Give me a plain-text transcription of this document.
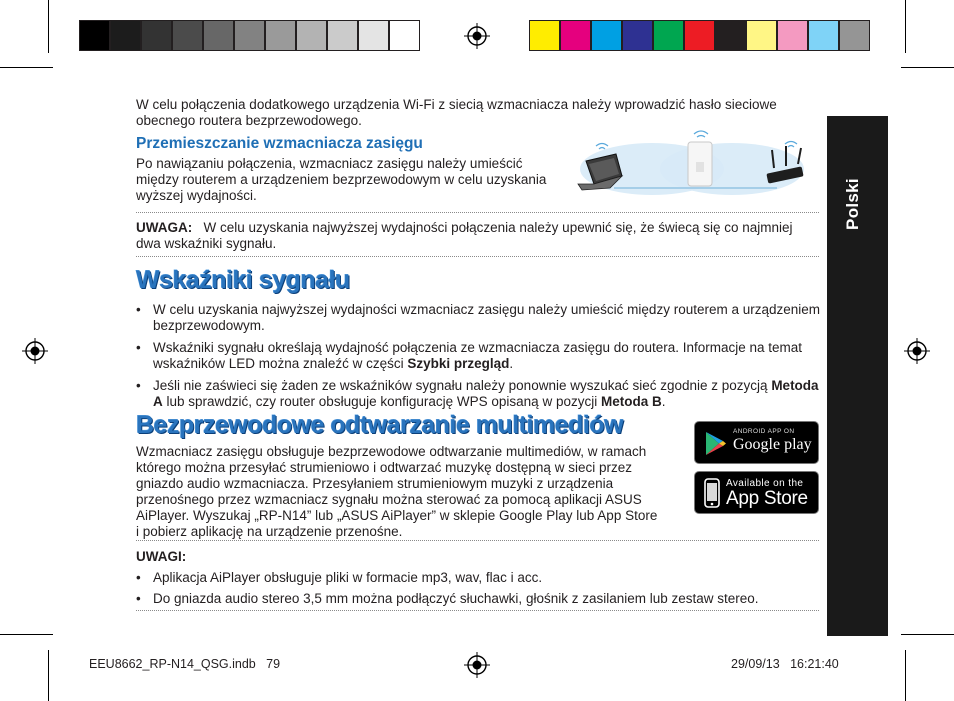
Polski
W celu połączenia dodatkowego urządzenia Wi-Fi z siecią wzmacniacza należy wprowadzić hasło sieciowe obecnego routera bezprzewodowego.
Przemieszczanie wzmacniacza zasięgu
Po nawiązaniu połączenia, wzmacniacz zasięgu należy umieścić między routerem a urządzeniem bezprzewodowym w celu uzyskania wyższej wydajności.
UWAGA: W celu uzyskania najwyższej wydajności połączenia należy upewnić się, że świecą się co najmniej dwa wskaźniki sygnału.
Wskaźniki sygnału
• W celu uzyskania najwyższej wydajności wzmacniacz zasięgu należy umieścić między routerem a urządzeniem bezprzewodowym.
• Wskaźniki sygnału określają wydajność połączenia ze wzmacniacza zasięgu do routera. Informacje na temat wskaźników LED można znaleźć w części Szybki przegląd.
• Jeśli nie zaświeci się żaden ze wskaźników sygnału należy ponownie wyszukać sieć zgodnie z pozycją Metoda A lub sprawdzić, czy router obsługuje konfigurację WPS opisaną w pozycji Metoda B.
Bezprzewodowe odtwarzanie multimediów
Wzmacniacz zasięgu obsługuje bezprzewodowe odtwarzanie multimediów, w ramach którego można przesyłać strumieniowo i odtwarzać muzykę dostępną w sieci przez gniazdo audio wzmacniacza. Przesyłaniem strumieniowym muzyki z urządzenia przenośnego przez wzmacniacz sygnału można sterować za pomocą aplikacji ASUS AiPlayer. Wyszukaj „RP-N14” lub „ASUS AiPlayer” w sklepie Google Play lub App Store i pobierz aplikację na urządzenie przenośne.
ANDROID APP ON
Google play
Available on the
App Store
UWAGI:
• Aplikacja AiPlayer obsługuje pliki w formacie mp3, wav, flac i acc.
• Do gniazda audio stereo 3,5 mm można podłączyć słuchawki, głośnik z zasilaniem lub zestaw stereo.
EEU8662_RP-N14_QSG.indb   79	29/09/13   16:21:40
